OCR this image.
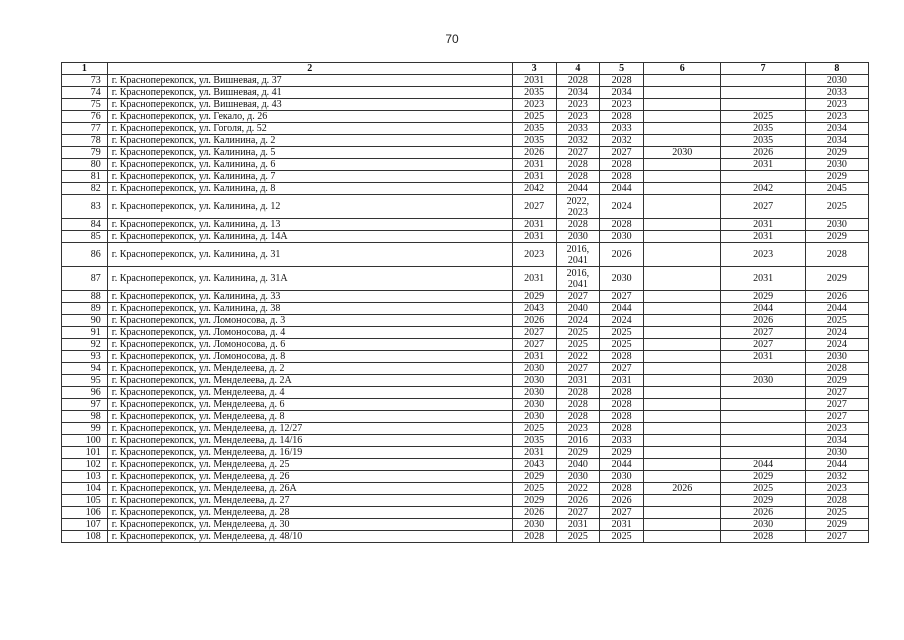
70
1	2	3	4	5	6	7	8
73	г. Красноперекопск, ул. Вишневая, д. 37	2031	2028	2028			2030
74	г. Красноперекопск, ул. Вишневая, д. 41	2035	2034	2034			2033
75	г. Красноперекопск, ул. Вишневая, д. 43	2023	2023	2023			2023
76	г. Красноперекопск, ул. Гекало, д. 26	2025	2023	2028		2025	2023
77	г. Красноперекопск, ул. Гоголя, д. 52	2035	2033	2033		2035	2034
78	г. Красноперекопск, ул. Калинина, д. 2	2035	2032	2032		2035	2034
79	г. Красноперекопск, ул. Калинина, д. 5	2026	2027	2027	2030	2026	2029
80	г. Красноперекопск, ул. Калинина, д. 6	2031	2028	2028		2031	2030
81	г. Красноперекопск, ул. Калинина, д. 7	2031	2028	2028			2029
82	г. Красноперекопск, ул. Калинина, д. 8	2042	2044	2044		2042	2045
83	г. Красноперекопск, ул. Калинина, д. 12	2027	2022,
2023	2024		2027	2025
84	г. Красноперекопск, ул. Калинина, д. 13	2031	2028	2028		2031	2030
85	г. Красноперекопск, ул. Калинина, д. 14А	2031	2030	2030		2031	2029
86	г. Красноперекопск, ул. Калинина, д. 31	2023	2016,
2041	2026		2023	2028
87	г. Красноперекопск, ул. Калинина, д. 31А	2031	2016,
2041	2030		2031	2029
88	г. Красноперекопск, ул. Калинина, д. 33	2029	2027	2027		2029	2026
89	г. Красноперекопск, ул. Калинина, д. 38	2043	2040	2044		2044	2044
90	г. Красноперекопск, ул. Ломоносова, д. 3	2026	2024	2024		2026	2025
91	г. Красноперекопск, ул. Ломоносова, д. 4	2027	2025	2025		2027	2024
92	г. Красноперекопск, ул. Ломоносова, д. 6	2027	2025	2025		2027	2024
93	г. Красноперекопск, ул. Ломоносова, д. 8	2031	2022	2028		2031	2030
94	г. Красноперекопск, ул. Менделеева, д. 2	2030	2027	2027			2028
95	г. Красноперекопск, ул. Менделеева, д. 2А	2030	2031	2031		2030	2029
96	г. Красноперекопск, ул. Менделеева, д. 4	2030	2028	2028			2027
97	г. Красноперекопск, ул. Менделеева, д. 6	2030	2028	2028			2027
98	г. Красноперекопск, ул. Менделеева, д. 8	2030	2028	2028			2027
99	г. Красноперекопск, ул. Менделеева, д. 12/27	2025	2023	2028			2023
100	г. Красноперекопск, ул. Менделеева, д. 14/16	2035	2016	2033			2034
101	г. Красноперекопск, ул. Менделеева, д. 16/19	2031	2029	2029			2030
102	г. Красноперекопск, ул. Менделеева, д. 25	2043	2040	2044		2044	2044
103	г. Красноперекопск, ул. Менделеева, д. 26	2029	2030	2030		2029	2032
104	г. Красноперекопск, ул. Менделеева, д. 26А	2025	2022	2028	2026	2025	2023
105	г. Красноперекопск, ул. Менделеева, д. 27	2029	2026	2026		2029	2028
106	г. Красноперекопск, ул. Менделеева, д. 28	2026	2027	2027		2026	2025
107	г. Красноперекопск, ул. Менделеева, д. 30	2030	2031	2031		2030	2029
108	г. Красноперекопск, ул. Менделеева, д. 48/10	2028	2025	2025		2028	2027
